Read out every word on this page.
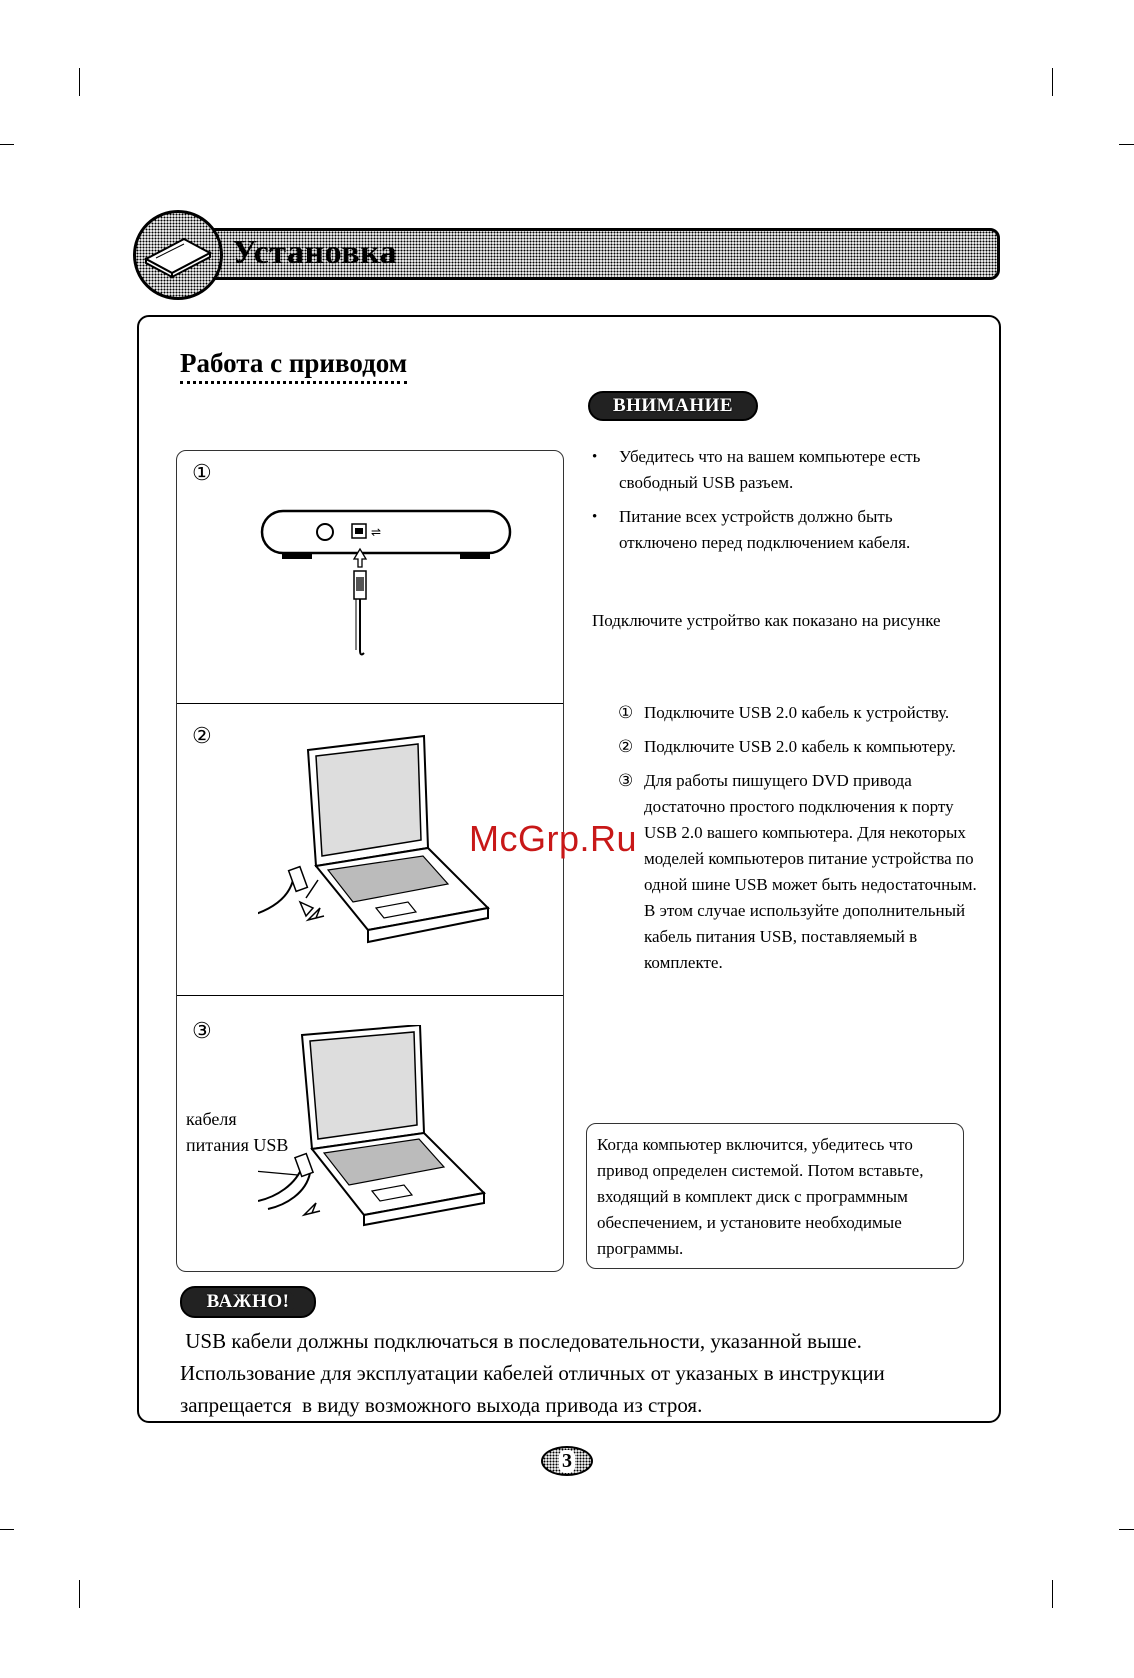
Установка
Работа с приводом
ВНИМАНИЕ
①
②
③
⇌
кабеля
питания USB
• Убедитесь что на вашем компьютере есть свободный USB разъем.
• Питание всех устройств должно быть отключено перед подключением кабеля.
Подключите устройтво как показано на рисунке
① Подключите USB 2.0 кабель к устройству.
② Подключите USB 2.0 кабель к компьютеру.
③ Для работы пишущего DVD привода достаточно простого подключения к порту USB 2.0 вашего компьютера. Для некоторых моделей компьютеров питание устройства по одной шине USB может быть недостаточным.
В этом случае используйте дополнительный кабель питания USB, поставляемый в комплекте.
Когда компьютер включится, убедитесь что привод определен системой. Потом вставьте, входящий в комплект диск с программным обеспечением, и установите необходимые программы.
ВАЖНО!
USB кабели должны подключаться в последовательности, указанной выше. Использование для эксплуатации кабелей отличных от указаных в инструкции запрещается  в виду возможного выхода привода из строя.
3
McGrp.Ru
